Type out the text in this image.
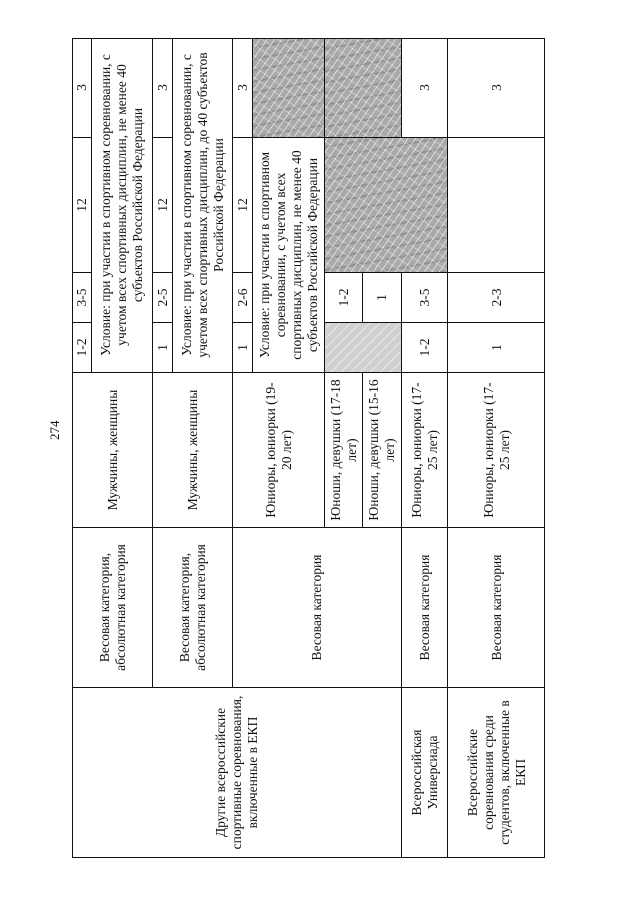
274
Другие всероссийские спортивные соревнования, включенные в ЕКП
Весовая категория, абсолютная категория
Мужчины, женщины
1-2
3-5
12
3 Условие: при участии в спортивном соревновании, с учетом всех спортивных дисциплин, не менее 40 субъектов Российской Федерации
Весовая категория, абсолютная категория
Мужчины, женщины
1
2-5
12
3 Условие: при участии в спортивном соревновании, с учетом всех спортивных дисциплин, до 40 субъектов Российской Федерации
Весовая категория
Юниоры, юниорки (19-20 лет)
1
2-6
12
3
Условие: при участии в спортивном соревновании, с учетом всех спортивных дисциплин, не менее 40 субъектов Российской Федерации
Юноши, девушки (17-18 лет)
1-2
Юноши, девушки (15-16 лет)
1
Всероссийская Универсиада
Весовая категория
Юниоры, юниорки (17-25 лет)
1-2
3-5
3
Всероссийские соревнования среди студентов, включенные в ЕКП
Весовая категория
Юниоры, юниорки (17-25 лет)
1
2-3
3
